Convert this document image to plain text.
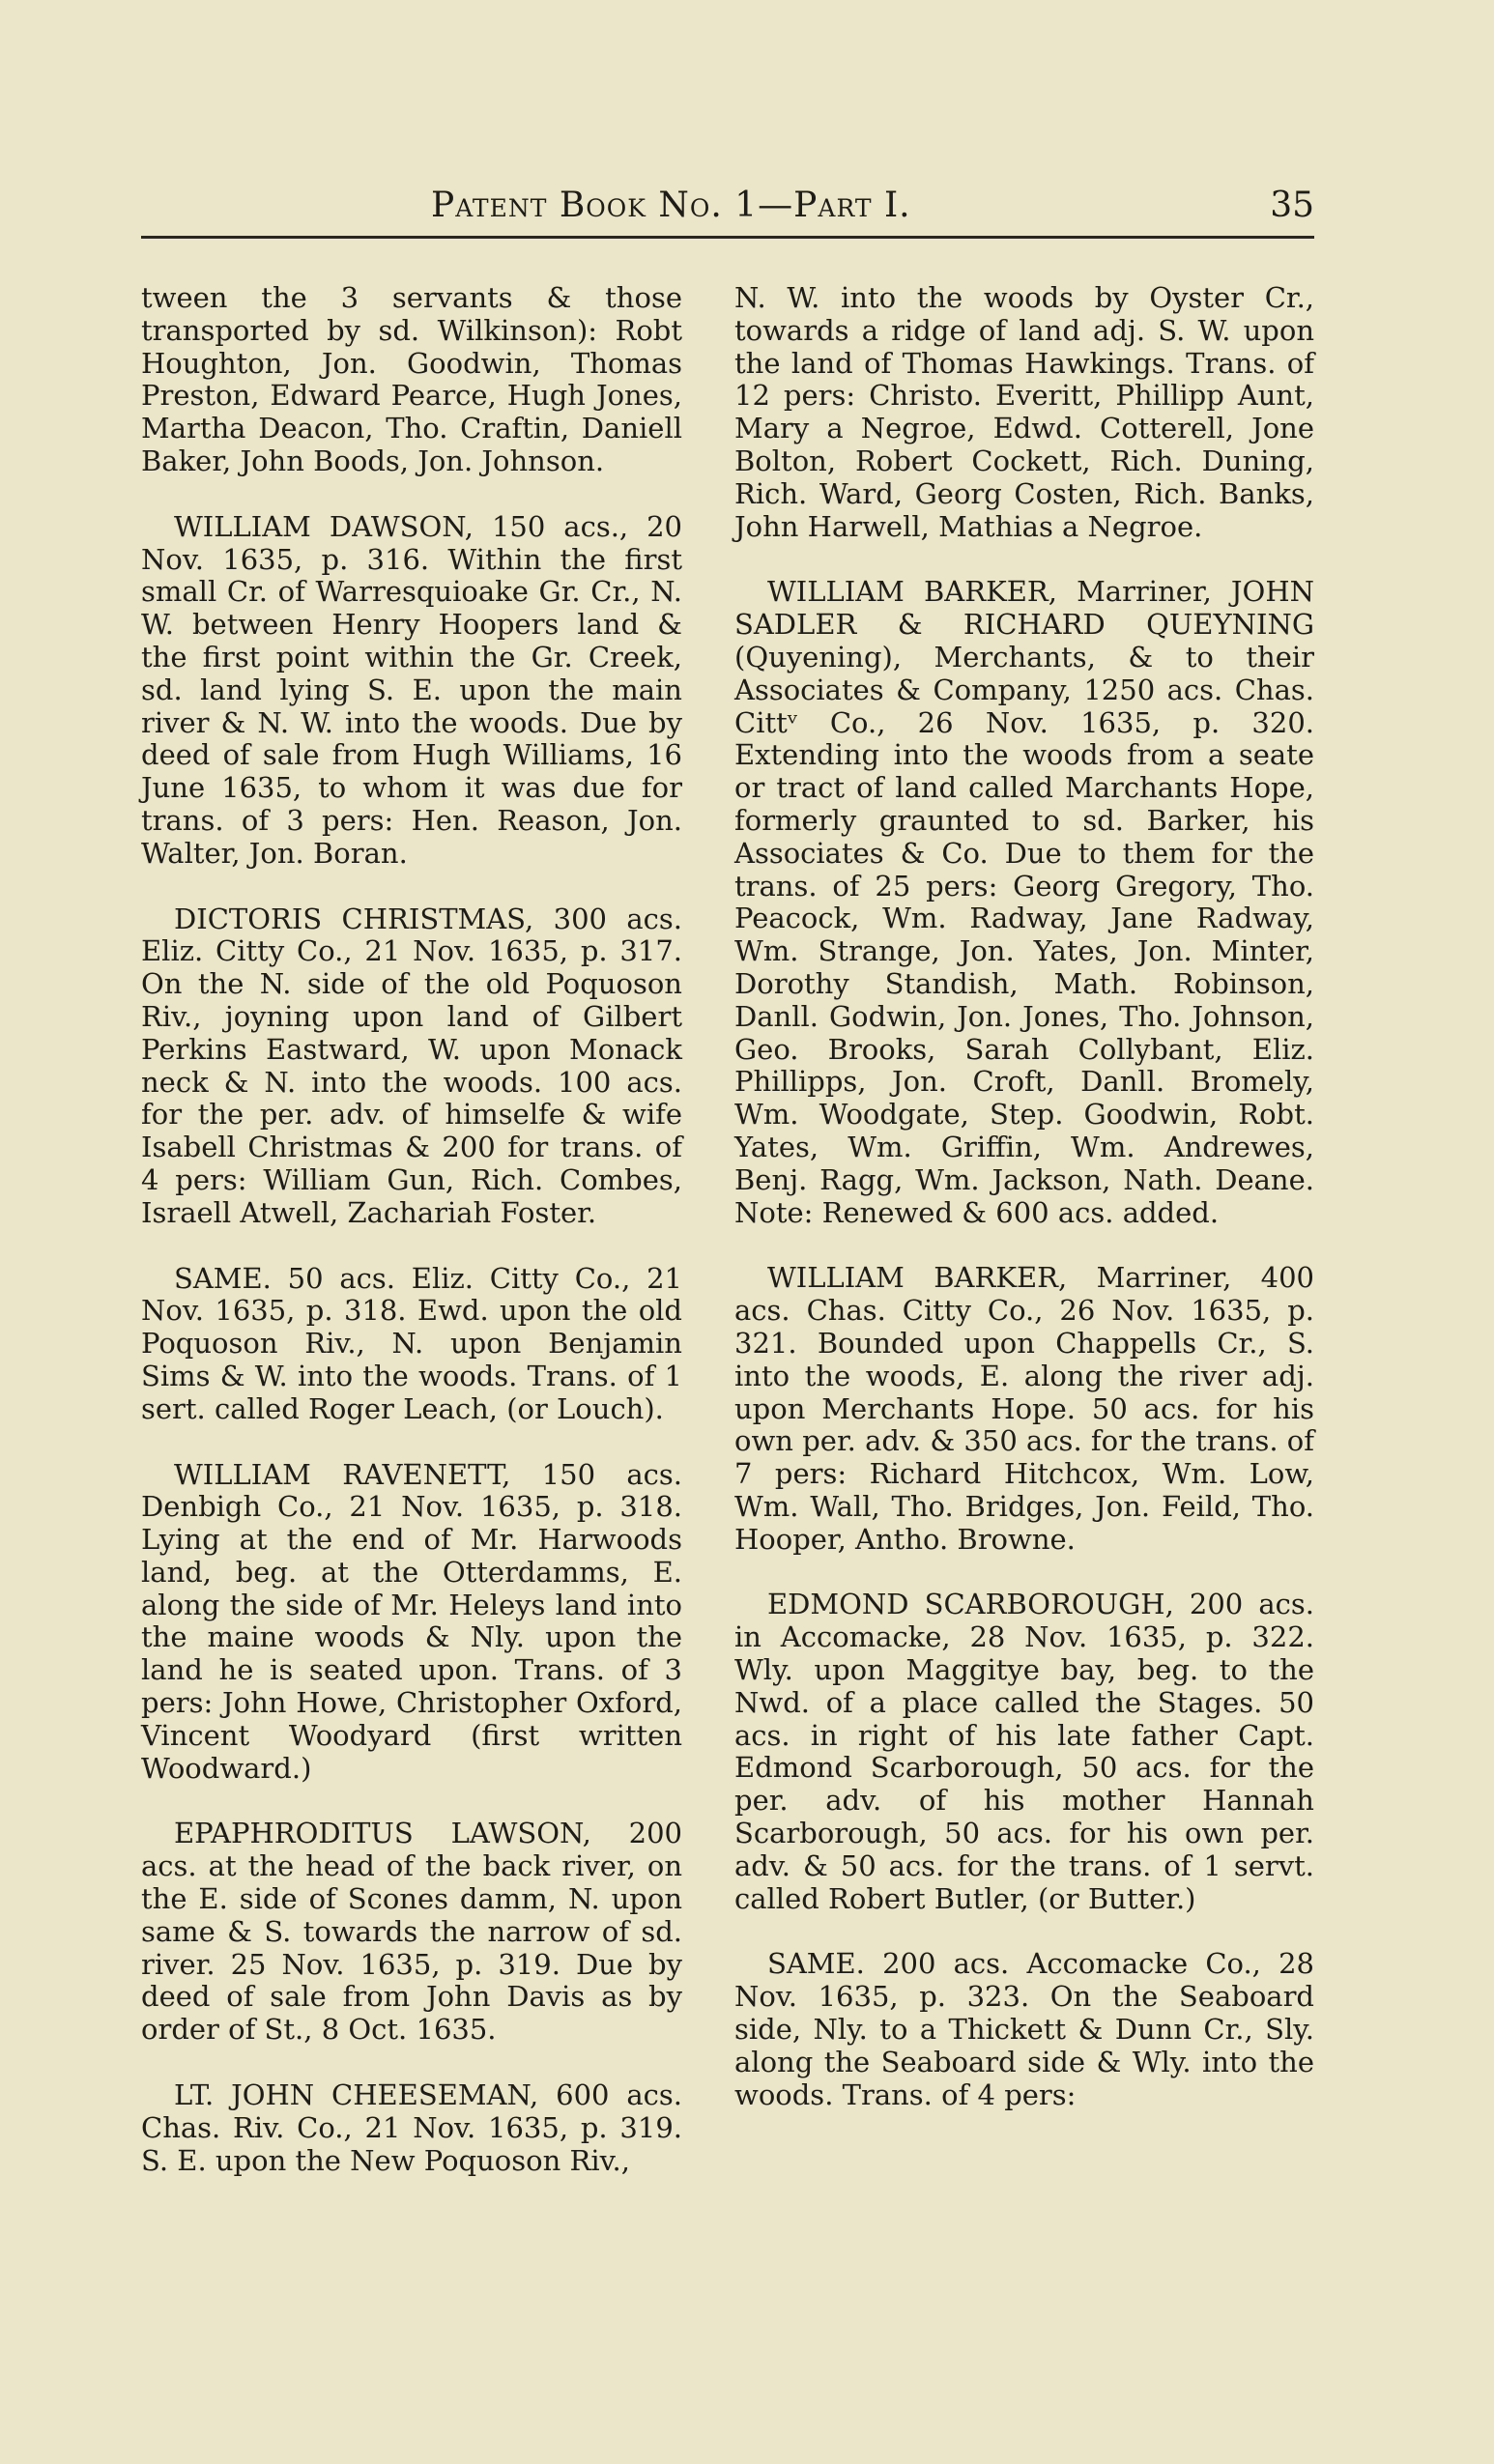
Patent Book No. 1—Part I.	35

tween the 3 servants & those transported by sd. Wilkinson): Robt Houghton, Jon. Goodwin, Thomas Preston, Edward Pearce, Hugh Jones, Martha Deacon, Tho. Craftin, Daniell Baker, John Boods, Jon. Johnson.

WILLIAM DAWSON, 150 acs., 20 Nov. 1635, p. 316. Within the first small Cr. of Warresquioake Gr. Cr., N. W. between Henry Hoopers land & the first point within the Gr. Creek, sd. land lying S. E. upon the main river & N. W. into the woods. Due by deed of sale from Hugh Williams, 16 June 1635, to whom it was due for trans. of 3 pers: Hen. Reason, Jon. Walter, Jon. Boran.

DICTORIS CHRISTMAS, 300 acs. Eliz. Citty Co., 21 Nov. 1635, p. 317. On the N. side of the old Poquoson Riv., joyning upon land of Gilbert Perkins Eastward, W. upon Monack neck & N. into the woods. 100 acs. for the per. adv. of himselfe & wife Isabell Christmas & 200 for trans. of 4 pers: William Gun, Rich. Combes, Israell Atwell, Zachariah Foster.

SAME. 50 acs. Eliz. Citty Co., 21 Nov. 1635, p. 318. Ewd. upon the old Poquoson Riv., N. upon Benjamin Sims & W. into the woods. Trans. of 1 sert. called Roger Leach, (or Louch).

WILLIAM RAVENETT, 150 acs. Denbigh Co., 21 Nov. 1635, p. 318. Lying at the end of Mr. Harwoods land, beg. at the Otterdamms, E. along the side of Mr. Heleys land into the maine woods & Nly. upon the land he is seated upon. Trans. of 3 pers: John Howe, Christopher Oxford, Vincent Woodyard (first written Woodward.)

EPAPHRODITUS LAWSON, 200 acs. at the head of the back river, on the E. side of Scones damm, N. upon same & S. towards the narrow of sd. river. 25 Nov. 1635, p. 319. Due by deed of sale from John Davis as by order of St., 8 Oct. 1635.

LT. JOHN CHEESEMAN, 600 acs. Chas. Riv. Co., 21 Nov. 1635, p. 319. S. E. upon the New Poquoson Riv.,

N. W. into the woods by Oyster Cr., towards a ridge of land adj. S. W. upon the land of Thomas Hawkings. Trans. of 12 pers: Christo. Everitt, Phillipp Aunt, Mary a Negroe, Edwd. Cotterell, Jone Bolton, Robert Cockett, Rich. Duning, Rich. Ward, Georg Costen, Rich. Banks, John Harwell, Mathias a Negroe.

WILLIAM BARKER, Marriner, JOHN SADLER & RICHARD QUEYNING (Quyening), Merchants, & to their Associates & Company, 1250 acs. Chas. Cittᵛ Co., 26 Nov. 1635, p. 320. Extending into the woods from a seate or tract of land called Marchants Hope, formerly graunted to sd. Barker, his Associates & Co. Due to them for the trans. of 25 pers: Georg Gregory, Tho. Peacock, Wm. Radway, Jane Radway, Wm. Strange, Jon. Yates, Jon. Minter, Dorothy Standish, Math. Robinson, Danll. Godwin, Jon. Jones, Tho. Johnson, Geo. Brooks, Sarah Collybant, Eliz. Phillipps, Jon. Croft, Danll. Bromely, Wm. Woodgate, Step. Goodwin, Robt. Yates, Wm. Griffin, Wm. Andrewes, Benj. Ragg, Wm. Jackson, Nath. Deane. Note: Renewed & 600 acs. added.

WILLIAM BARKER, Marriner, 400 acs. Chas. Citty Co., 26 Nov. 1635, p. 321. Bounded upon Chappells Cr., S. into the woods, E. along the river adj. upon Merchants Hope. 50 acs. for his own per. adv. & 350 acs. for the trans. of 7 pers: Richard Hitchcox, Wm. Low, Wm. Wall, Tho. Bridges, Jon. Feild, Tho. Hooper, Antho. Browne.

EDMOND SCARBOROUGH, 200 acs. in Accomacke, 28 Nov. 1635, p. 322. Wly. upon Maggitye bay, beg. to the Nwd. of a place called the Stages. 50 acs. in right of his late father Capt. Edmond Scarborough, 50 acs. for the per. adv. of his mother Hannah Scarborough, 50 acs. for his own per. adv. & 50 acs. for the trans. of 1 servt. called Robert Butler, (or Butter.)

SAME. 200 acs. Accomacke Co., 28 Nov. 1635, p. 323. On the Seaboard side, Nly. to a Thickett & Dunn Cr., Sly. along the Seaboard side & Wly. into the woods. Trans. of 4 pers:
